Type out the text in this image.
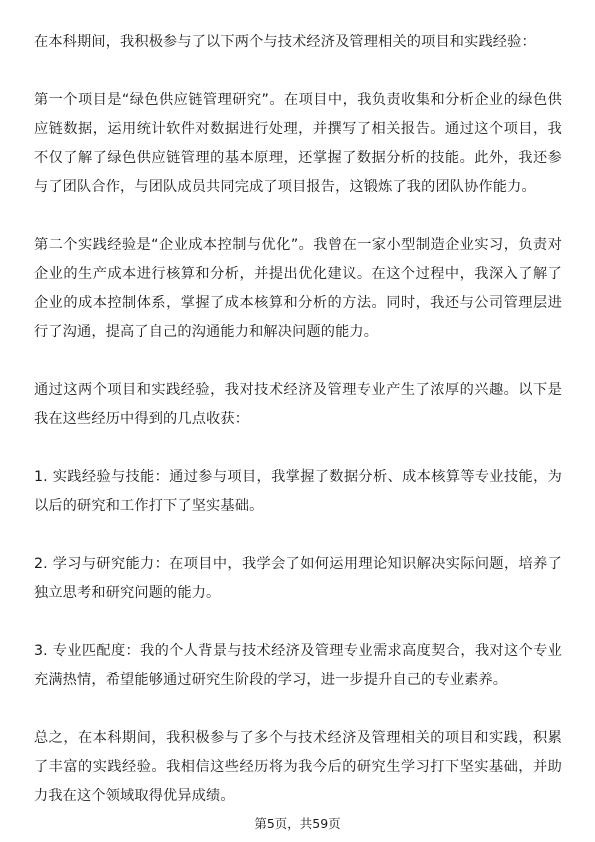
在本科期间，我积极参与了以下两个与技术经济及管理相关的项目和实践经验：

第一个项目是“绿色供应链管理研究”。在项目中，我负责收集和分析企业的绿色供应链数据，运用统计软件对数据进行处理，并撰写了相关报告。通过这个项目，我不仅了解了绿色供应链管理的基本原理，还掌握了数据分析的技能。此外，我还参与了团队合作，与团队成员共同完成了项目报告，这锻炼了我的团队协作能力。

第二个实践经验是“企业成本控制与优化”。我曾在一家小型制造企业实习，负责对企业的生产成本进行核算和分析，并提出优化建议。在这个过程中，我深入了解了企业的成本控制体系，掌握了成本核算和分析的方法。同时，我还与公司管理层进行了沟通，提高了自己的沟通能力和解决问题的能力。

通过这两个项目和实践经验，我对技术经济及管理专业产生了浓厚的兴趣。以下是我在这些经历中得到的几点收获：

1. 实践经验与技能：通过参与项目，我掌握了数据分析、成本核算等专业技能，为以后的研究和工作打下了坚实基础。

2. 学习与研究能力：在项目中，我学会了如何运用理论知识解决实际问题，培养了独立思考和研究问题的能力。

3. 专业匹配度：我的个人背景与技术经济及管理专业需求高度契合，我对这个专业充满热情，希望能够通过研究生阶段的学习，进一步提升自己的专业素养。

总之，在本科期间，我积极参与了多个与技术经济及管理相关的项目和实践，积累了丰富的实践经验。我相信这些经历将为我今后的研究生学习打下坚实基础，并助力我在这个领域取得优异成绩。

第5页，共59页
